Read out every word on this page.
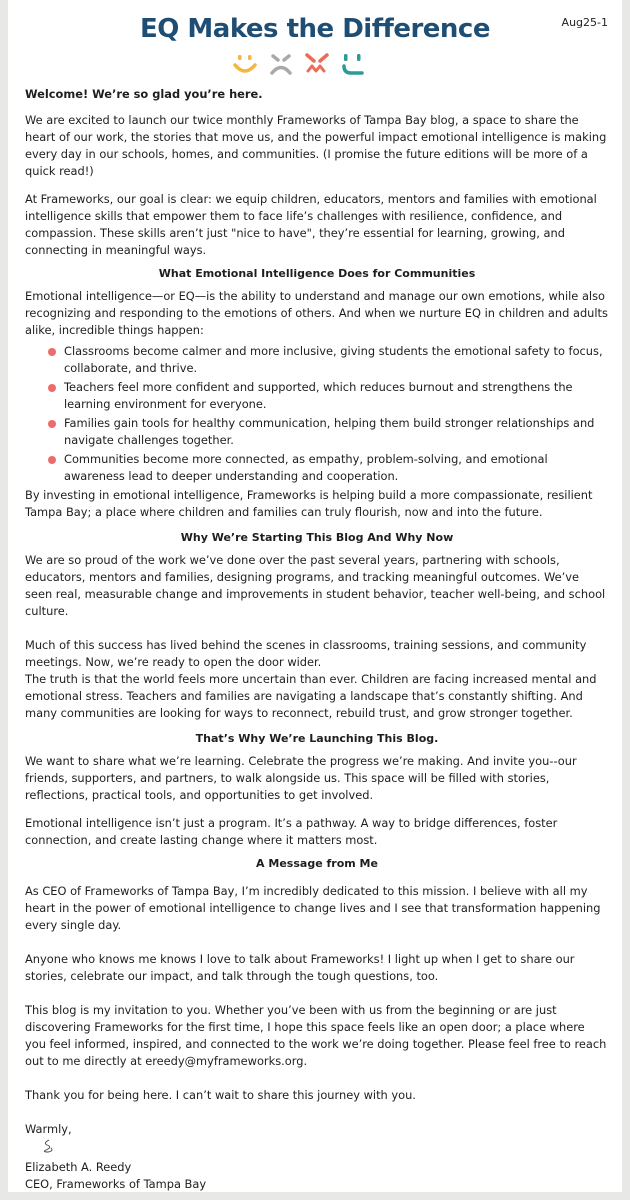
Aug25-1
EQ Makes the Difference

Welcome! We’re so glad you’re here.

We are excited to launch our twice monthly Frameworks of Tampa Bay blog, a space to share the heart of our work, the stories that move us, and the powerful impact emotional intelligence is making every day in our schools, homes, and communities. (I promise the future editions will be more of a quick read!)

At Frameworks, our goal is clear: we equip children, educators, mentors and families with emotional intelligence skills that empower them to face life’s challenges with resilience, confidence, and compassion. These skills aren’t just "nice to have", they’re essential for learning, growing, and connecting in meaningful ways.

What Emotional Intelligence Does for Communities

Emotional intelligence—or EQ—is the ability to understand and manage our own emotions, while also recognizing and responding to the emotions of others. And when we nurture EQ in children and adults alike, incredible things happen:

Classrooms become calmer and more inclusive, giving students the emotional safety to focus, collaborate, and thrive.
Teachers feel more confident and supported, which reduces burnout and strengthens the learning environment for everyone.
Families gain tools for healthy communication, helping them build stronger relationships and navigate challenges together.
Communities become more connected, as empathy, problem-solving, and emotional awareness lead to deeper understanding and cooperation.

By investing in emotional intelligence, Frameworks is helping build a more compassionate, resilient Tampa Bay; a place where children and families can truly flourish, now and into the future.

Why We’re Starting This Blog And Why Now

We are so proud of the work we’ve done over the past several years, partnering with schools, educators, mentors and families, designing programs, and tracking meaningful outcomes. We’ve seen real, measurable change and improvements in student behavior, teacher well-being, and school culture.

Much of this success has lived behind the scenes in classrooms, training sessions, and community meetings. Now, we’re ready to open the door wider.

The truth is that the world feels more uncertain than ever. Children are facing increased mental and emotional stress. Teachers and families are navigating a landscape that’s constantly shifting. And many communities are looking for ways to reconnect, rebuild trust, and grow stronger together.

That’s Why We’re Launching This Blog.

We want to share what we’re learning. Celebrate the progress we’re making. And invite you--our friends, supporters, and partners, to walk alongside us. This space will be filled with stories, reflections, practical tools, and opportunities to get involved.

Emotional intelligence isn’t just a program. It’s a pathway. A way to bridge differences, foster connection, and create lasting change where it matters most.

A Message from Me

As CEO of Frameworks of Tampa Bay, I’m incredibly dedicated to this mission. I believe with all my heart in the power of emotional intelligence to change lives and I see that transformation happening every single day.

Anyone who knows me knows I love to talk about Frameworks! I light up when I get to share our stories, celebrate our impact, and talk through the tough questions, too.

This blog is my invitation to you. Whether you’ve been with us from the beginning or are just discovering Frameworks for the first time, I hope this space feels like an open door; a place where you feel informed, inspired, and connected to the work we’re doing together. Please feel free to reach out to me directly at ereedy@myframeworks.org.

Thank you for being here. I can’t wait to share this journey with you.

Warmly,

Elizabeth A. Reedy

CEO, Frameworks of Tampa Bay
